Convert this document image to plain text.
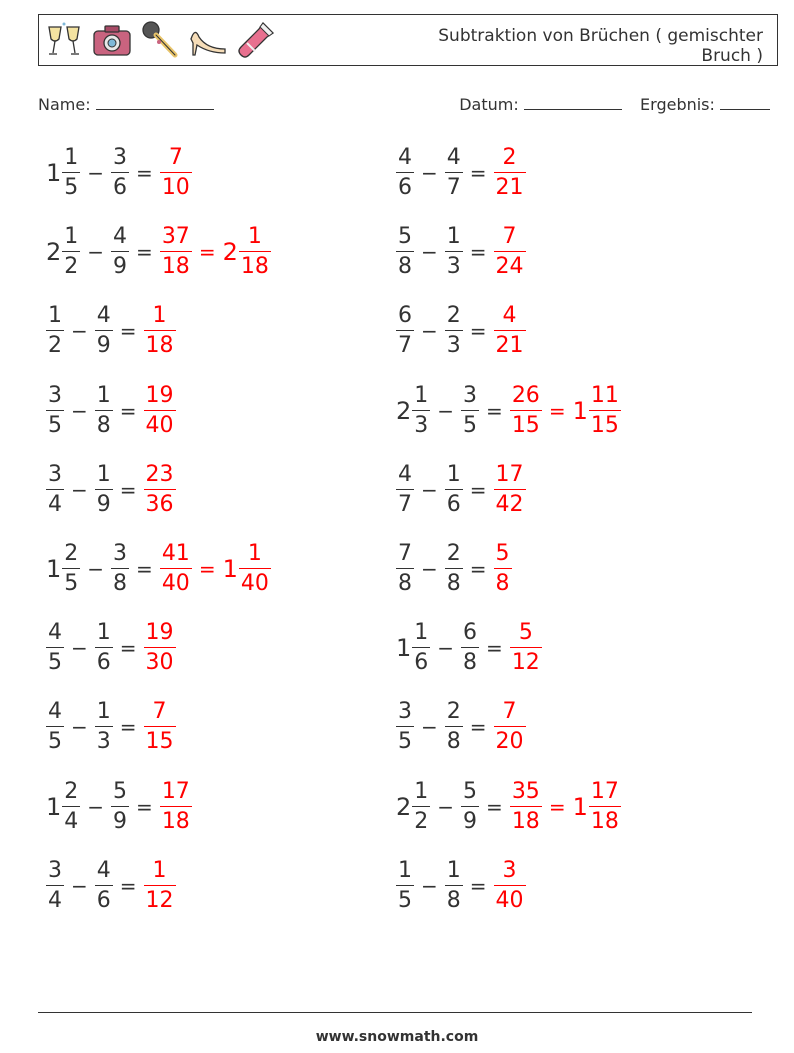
Subtraktion von Brüchen ( gemischter Bruch )
Name:	Datum:	Ergebnis:
$1 \frac{1}{5} - \frac{3}{6} = \frac{7}{10}$	$\frac{4}{6} - \frac{4}{7} = \frac{2}{21}$
$2 \frac{1}{2} - \frac{4}{9} = \frac{37}{18} = 2 \frac{1}{18}$	$\frac{5}{8} - \frac{1}{3} = \frac{7}{24}$
$\frac{1}{2} - \frac{4}{9} = \frac{1}{18}$	$\frac{6}{7} - \frac{2}{3} = \frac{4}{21}$
$\frac{3}{5} - \frac{1}{8} = \frac{19}{40}$	$2 \frac{1}{3} - \frac{3}{5} = \frac{26}{15} = 1 \frac{11}{15}$
$\frac{3}{4} - \frac{1}{9} = \frac{23}{36}$	$\frac{4}{7} - \frac{1}{6} = \frac{17}{42}$
$1 \frac{2}{5} - \frac{3}{8} = \frac{41}{40} = 1 \frac{1}{40}$	$\frac{7}{8} - \frac{2}{8} = \frac{5}{8}$
$\frac{4}{5} - \frac{1}{6} = \frac{19}{30}$	$1 \frac{1}{6} - \frac{6}{8} = \frac{5}{12}$
$\frac{4}{5} - \frac{1}{3} = \frac{7}{15}$	$\frac{3}{5} - \frac{2}{8} = \frac{7}{20}$
$1 \frac{2}{4} - \frac{5}{9} = \frac{17}{18}$	$2 \frac{1}{2} - \frac{5}{9} = \frac{35}{18} = 1 \frac{17}{18}$
$\frac{3}{4} - \frac{4}{6} = \frac{1}{12}$	$\frac{1}{5} - \frac{1}{8} = \frac{3}{40}$
www.snowmath.com
